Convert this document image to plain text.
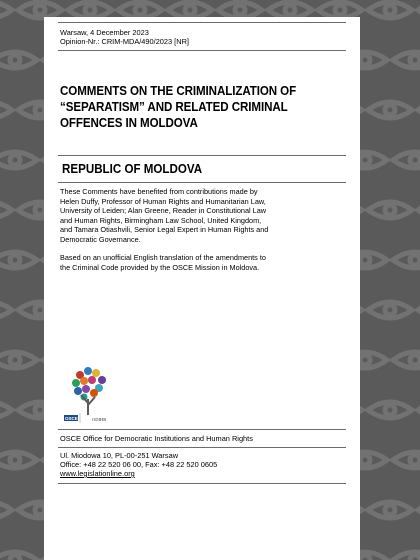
Warsaw, 4 December 2023
Opinion-Nr.: CRIM-MDA/490/2023 [NR]
COMMENTS ON THE CRIMINALIZATION OF
“SEPARATISM” AND RELATED CRIMINAL
OFFENCES IN MOLDOVA
REPUBLIC OF MOLDOVA
These Comments have benefited from contributions made by
Helen Duffy, Professor of Human Rights and Humanitarian Law,
University of Leiden; Alan Greene, Reader in Constitutional Law
and Human Rights, Birmingham Law School, United Kingdom,
and Tamara Otiashvili, Senior Legal Expert in Human Rights and
Democratic Governance.
Based on an unofficial English translation of the amendments to
the Criminal Code provided by the OSCE Mission in Moldova.
OSCE	ODIHR
OSCE Office for Democratic Institutions and Human Rights
Ul. Miodowa 10, PL-00-251 Warsaw
Office: +48 22 520 06 00, Fax: +48 22 520 0605
www.legislationline.org
